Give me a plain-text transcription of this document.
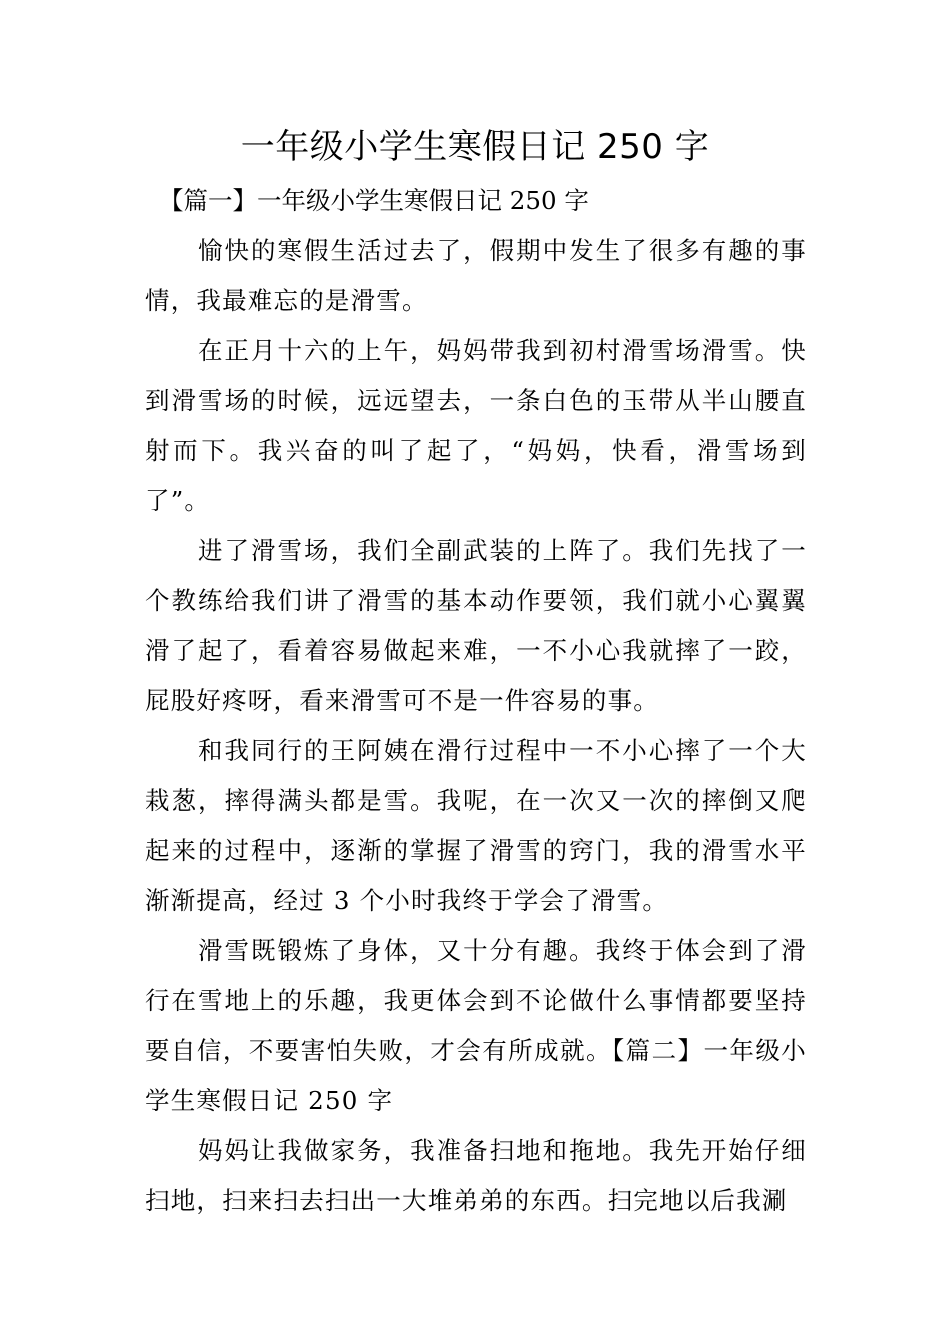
一年级小学生寒假日记 250 字

【篇一】一年级小学生寒假日记 250 字

愉快的寒假生活过去了，假期中发生了很多有趣的事情，我最难忘的是滑雪。

在正月十六的上午，妈妈带我到初村滑雪场滑雪。快到滑雪场的时候，远远望去，一条白色的玉带从半山腰直射而下。我兴奋的叫了起了，“妈妈，快看，滑雪场到了”。

进了滑雪场，我们全副武装的上阵了。我们先找了一个教练给我们讲了滑雪的基本动作要领，我们就小心翼翼滑了起了，看着容易做起来难，一不小心我就摔了一跤，屁股好疼呀，看来滑雪可不是一件容易的事。

和我同行的王阿姨在滑行过程中一不小心摔了一个大栽葱，摔得满头都是雪。我呢，在一次又一次的摔倒又爬起来的过程中，逐渐的掌握了滑雪的窍门，我的滑雪水平渐渐提高，经过 3 个小时我终于学会了滑雪。

滑雪既锻炼了身体，又十分有趣。我终于体会到了滑行在雪地上的乐趣，我更体会到不论做什么事情都要坚持要自信，不要害怕失败，才会有所成就。【篇二】一年级小学生寒假日记 250 字

妈妈让我做家务，我准备扫地和拖地。我先开始仔细扫地，扫来扫去扫出一大堆弟弟的东西。扫完地以后我涮
